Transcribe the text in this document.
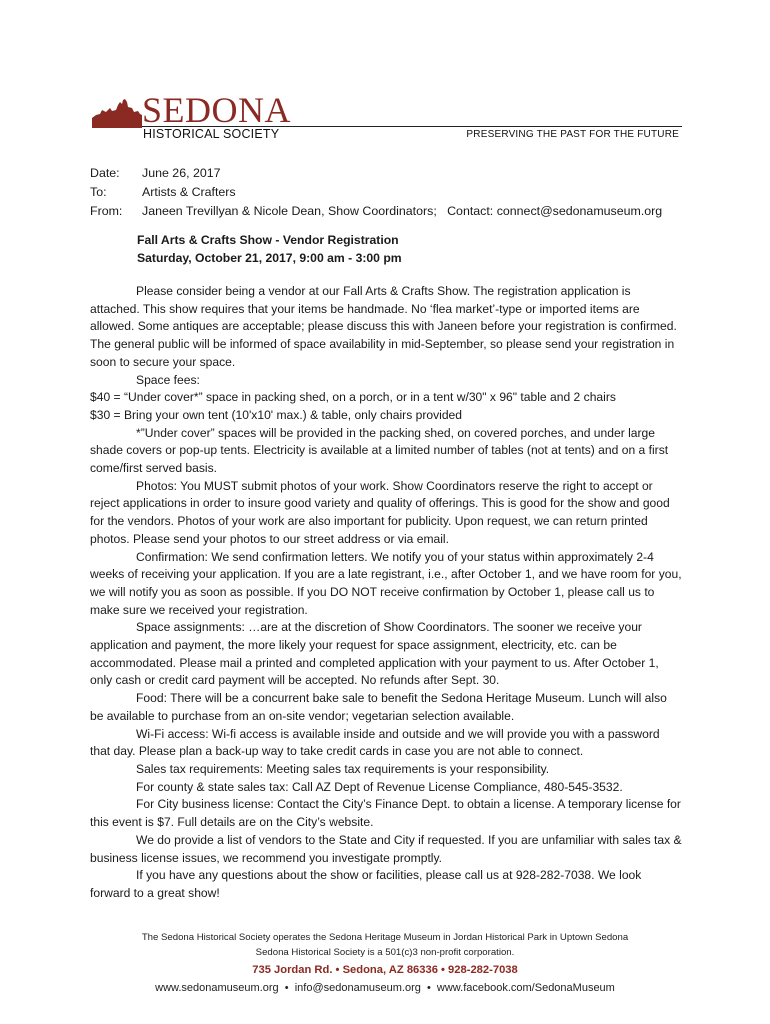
SEDONA
HISTORICAL SOCIETY	PRESERVING THE PAST FOR THE FUTURE
Date:	June 26, 2017
To:	Artists & Crafters
From:	Janeen Trevillyan & Nicole Dean, Show Coordinators;   Contact: connect@sedonamuseum.org
Fall Arts & Crafts Show - Vendor Registration
Saturday, October 21, 2017, 9:00 am - 3:00 pm

Please consider being a vendor at our Fall Arts & Crafts Show. The registration application is attached. This show requires that your items be handmade. No ‘flea market’-type or imported items are allowed. Some antiques are acceptable; please discuss this with Janeen before your registration is confirmed. The general public will be informed of space availability in mid-September, so please send your registration in soon to secure your space.

Space fees:

$40 = “Under cover*” space in packing shed, on a porch, or in a tent w/30" x 96" table and 2 chairs

$30 = Bring your own tent (10'x10' max.) & table, only chairs provided

*”Under cover” spaces will be provided in the packing shed, on covered porches, and under large shade covers or pop-up tents. Electricity is available at a limited number of tables (not at tents) and on a first come/first served basis.

Photos: You MUST submit photos of your work. Show Coordinators reserve the right to accept or reject applications in order to insure good variety and quality of offerings. This is good for the show and good for the vendors. Photos of your work are also important for publicity. Upon request, we can return printed photos. Please send your photos to our street address or via email.

Confirmation: We send confirmation letters. We notify you of your status within approximately 2-4 weeks of receiving your application. If you are a late registrant, i.e., after October 1, and we have room for you, we will notify you as soon as possible. If you DO NOT receive confirmation by October 1, please call us to make sure we received your registration.

Space assignments: …are at the discretion of Show Coordinators. The sooner we receive your application and payment, the more likely your request for space assignment, electricity, etc. can be accommodated. Please mail a printed and completed application with your payment to us. After October 1, only cash or credit card payment will be accepted. No refunds after Sept. 30.

Food: There will be a concurrent bake sale to benefit the Sedona Heritage Museum. Lunch will also be available to purchase from an on-site vendor; vegetarian selection available.

Wi-Fi access: Wi-fi access is available inside and outside and we will provide you with a password that day. Please plan a back-up way to take credit cards in case you are not able to connect.

Sales tax requirements: Meeting sales tax requirements is your responsibility.

For county & state sales tax: Call AZ Dept of Revenue License Compliance, 480-545-3532.

For City business license: Contact the City’s Finance Dept. to obtain a license. A temporary license for this event is $7. Full details are on the City’s website.

We do provide a list of vendors to the State and City if requested. If you are unfamiliar with sales tax & business license issues, we recommend you investigate promptly.

If you have any questions about the show or facilities, please call us at 928-282-7038. We look forward to a great show!

The Sedona Historical Society operates the Sedona Heritage Museum in Jordan Historical Park in Uptown Sedona
Sedona Historical Society is a 501(c)3 non-profit corporation.
735 Jordan Rd. • Sedona, AZ 86336 • 928-282-7038
www.sedonamuseum.org  •  info@sedonamuseum.org  •  www.facebook.com/SedonaMuseum
